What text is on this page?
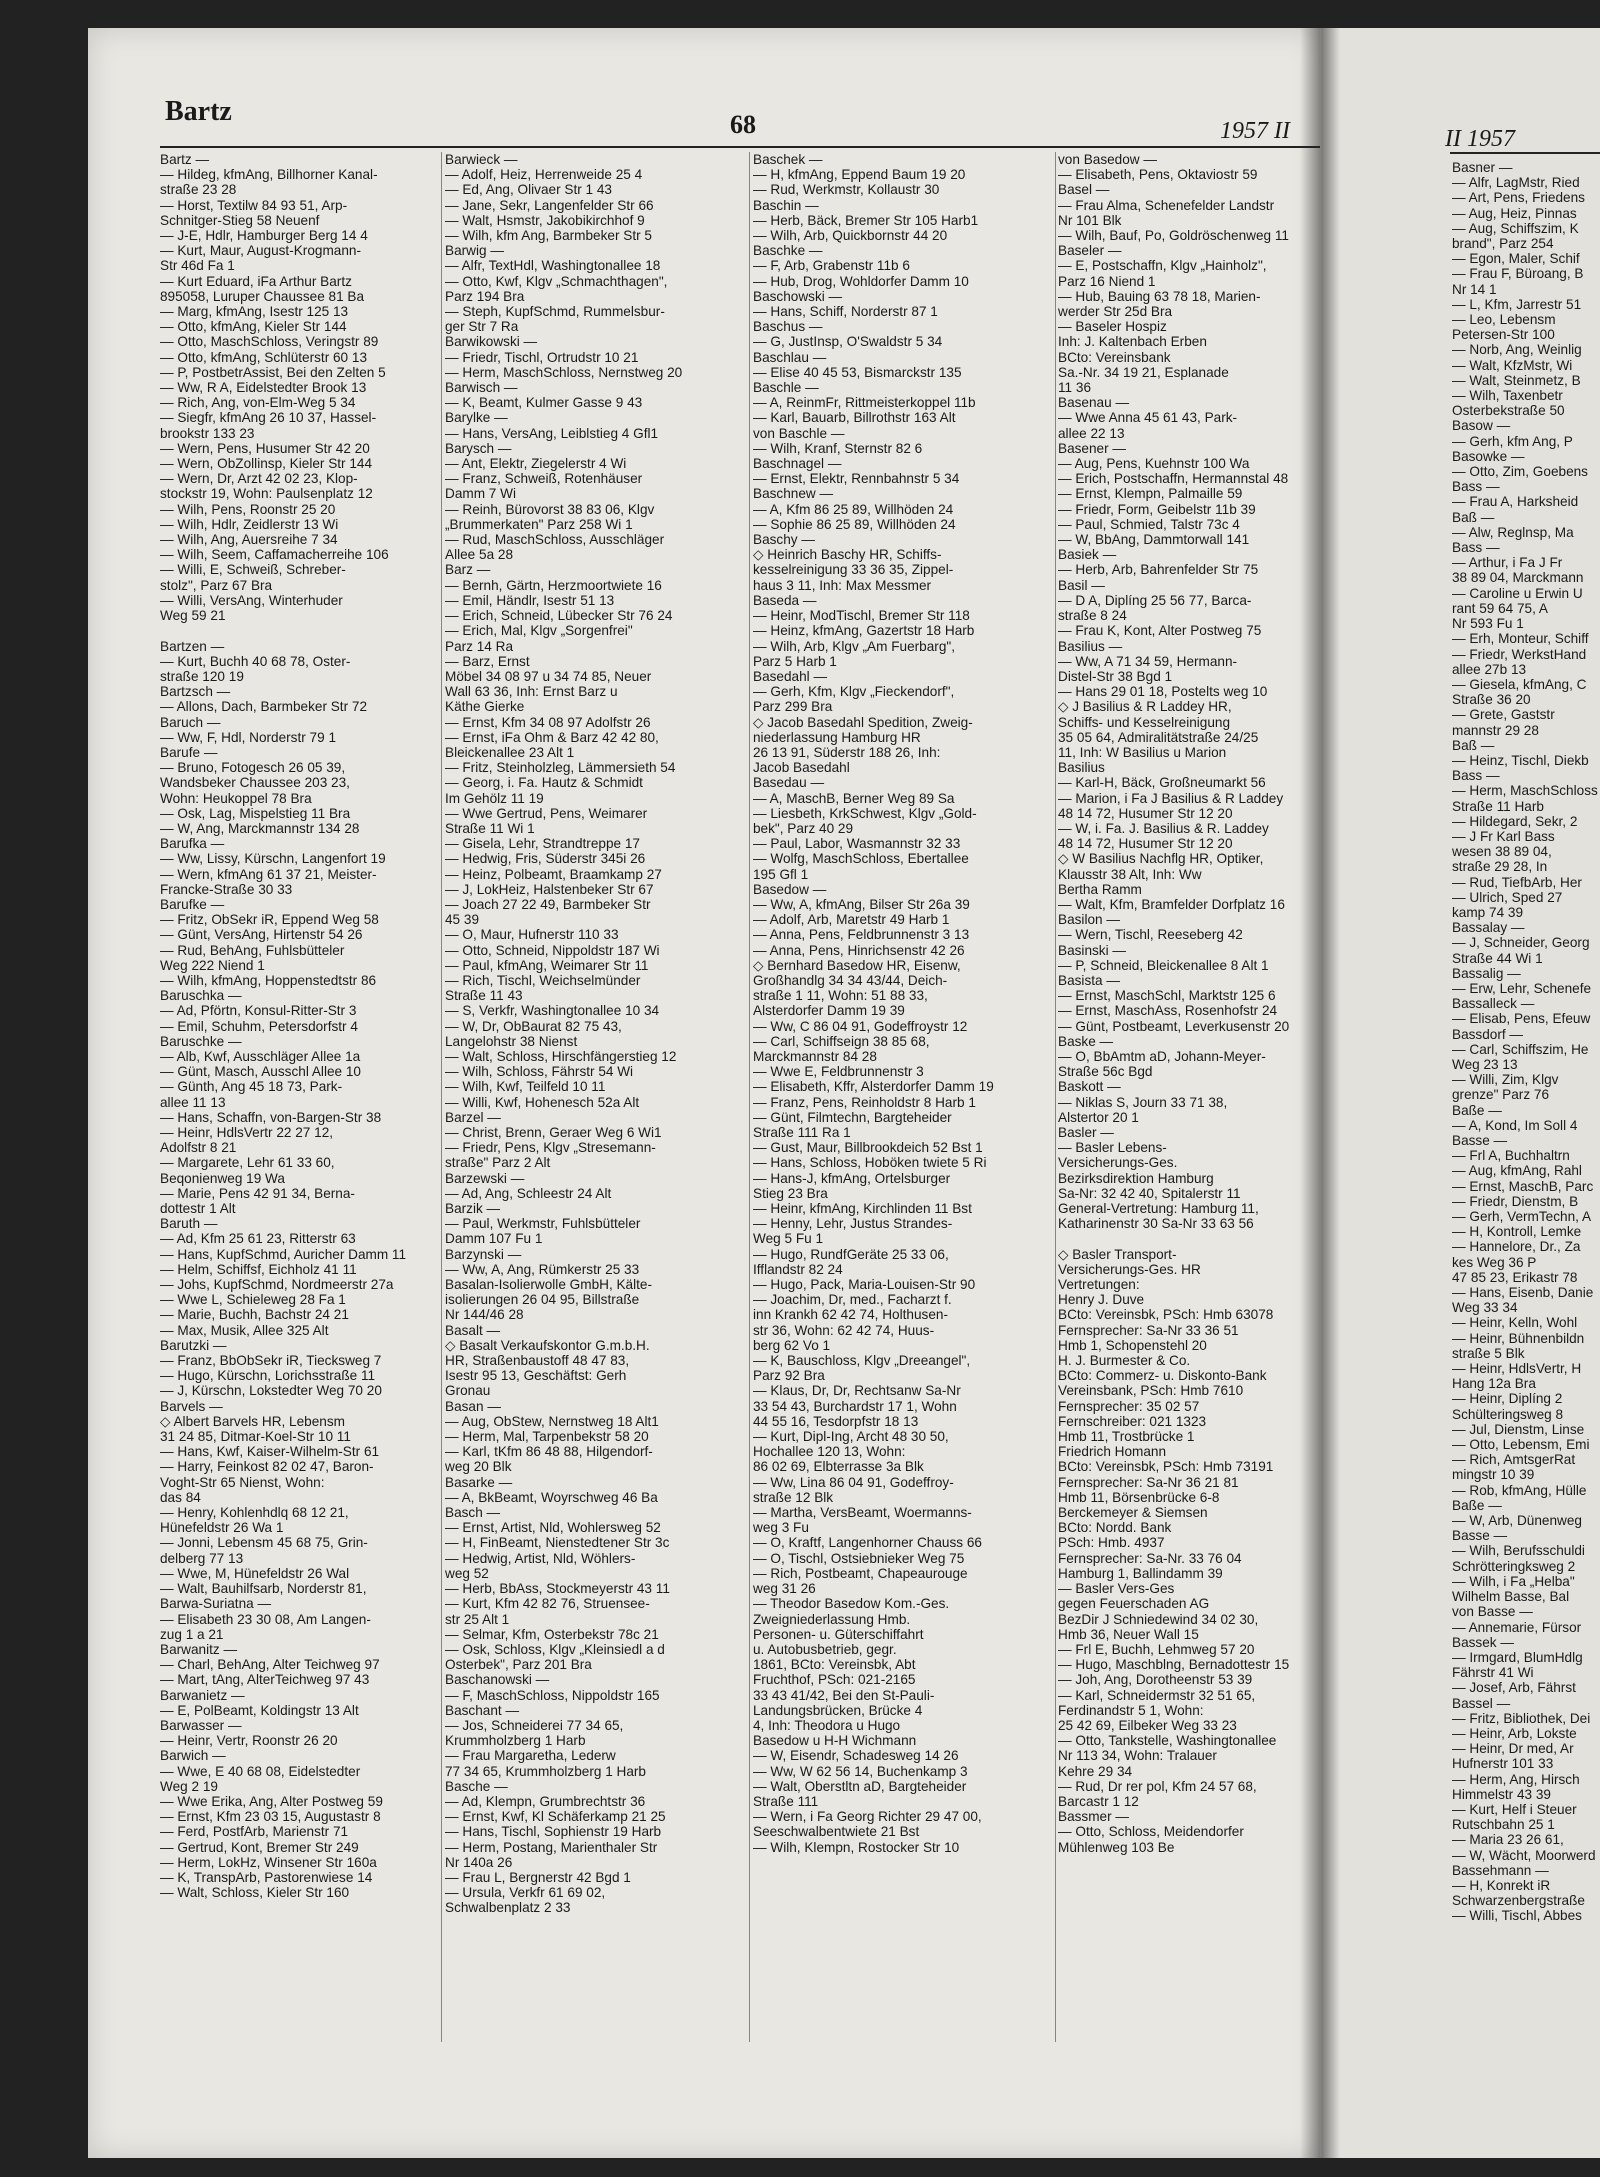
Bartz	68	1957 II	II 1957
Bartz —
— Hildeg, kfmAng, Billhorner Kanal-
straße 23 28
— Horst, Textilw 84 93 51, Arp-
Schnitger-Stieg 58 Neuenf
— J-E, Hdlr, Hamburger Berg 14 4
— Kurt, Maur, August-Krogmann-
Str 46d Fa 1
— Kurt Eduard, iFa Arthur Bartz
895058, Luruper Chaussee 81 Ba
— Marg, kfmAng, Isestr 125 13
— Otto, kfmAng, Kieler Str 144
— Otto, MaschSchloss, Veringstr 89
— Otto, kfmAng, Schlüterstr 60 13
— P, PostbetrAssist, Bei den Zelten 5
— Ww, R A, Eidelstedter Brook 13
— Rich, Ang, von-Elm-Weg 5 34
— Siegfr, kfmAng 26 10 37, Hassel-
brookstr 133 23
— Wern, Pens, Husumer Str 42 20
— Wern, ObZollinsp, Kieler Str 144
— Wern, Dr, Arzt 42 02 23, Klop-
stockstr 19, Wohn: Paulsenplatz 12
— Wilh, Pens, Roonstr 25 20
— Wilh, Hdlr, Zeidlerstr 13 Wi
— Wilh, Ang, Auersreihe 7 34
— Wilh, Seem, Caffamacherreihe 106
— Willi, E, Schweiß, Schreber-
stolz", Parz 67 Bra
— Willi, VersAng, Winterhuder
Weg 59 21

Bartzen —
— Kurt, Buchh 40 68 78, Oster-
straße 120 19
Bartzsch —
— Allons, Dach, Barmbeker Str 72
Baruch —
— Ww, F, Hdl, Norderstr 79 1
Barufe —
— Bruno, Fotogesch 26 05 39,
Wandsbeker Chaussee 203 23,
Wohn: Heukoppel 78 Bra
— Osk, Lag, Mispelstieg 11 Bra
— W, Ang, Marckmannstr 134 28
Barufka —
— Ww, Lissy, Kürschn, Langenfort 19
— Wern, kfmAng 61 37 21, Meister-
Francke-Straße 30 33
Barufke —
— Fritz, ObSekr iR, Eppend Weg 58
— Günt, VersAng, Hirtenstr 54 26
— Rud, BehAng, Fuhlsbütteler
Weg 222 Niend 1
— Wilh, kfmAng, Hoppenstedtstr 86
Baruschka —
— Ad, Pförtn, Konsul-Ritter-Str 3
— Emil, Schuhm, Petersdorfstr 4
Baruschke —
— Alb, Kwf, Ausschläger Allee 1a
— Günt, Masch, Ausschl Allee 10
— Günth, Ang 45 18 73, Park-
allee 11 13
— Hans, Schaffn, von-Bargen-Str 38
— Heinr, HdlsVertr 22 27 12,
Adolfstr 8 21
— Margarete, Lehr 61 33 60,
Beqonienweg 19 Wa
— Marie, Pens 42 91 34, Berna-
dottestr 1 Alt
Baruth —
— Ad, Kfm 25 61 23, Ritterstr 63
— Hans, KupfSchmd, Auricher Damm 11
— Helm, Schiffsf, Eichholz 41 11
— Johs, KupfSchmd, Nordmeerstr 27a
— Wwe L, Schieleweg 28 Fa 1
— Marie, Buchh, Bachstr 24 21
— Max, Musik, Allee 325 Alt
Barutzki —
— Franz, BbObSekr iR, Tiecksweg 7
— Hugo, Kürschn, Lorichsstraße 11
— J, Kürschn, Lokstedter Weg 70 20
Barvels —
◇ Albert Barvels HR, Lebensm
31 24 85, Ditmar-Koel-Str 10 11
— Hans, Kwf, Kaiser-Wilhelm-Str 61
— Harry, Feinkost 82 02 47, Baron-
Voght-Str 65 Nienst, Wohn:
das 84
— Henry, Kohlenhdlq 68 12 21,
Hünefeldstr 26 Wa 1
— Jonni, Lebensm 45 68 75, Grin-
delberg 77 13
— Wwe, M, Hünefeldstr 26 Wal
— Walt, Bauhilfsarb, Norderstr 81,
Barwa-Suriatna —
— Elisabeth 23 30 08, Am Langen-
zug 1 a 21
Barwanitz —
— Charl, BehAng, Alter Teichweg 97
— Mart, tAng, AlterTeichweg 97 43
Barwanietz —
— E, PolBeamt, Koldingstr 13 Alt
Barwasser —
— Heinr, Vertr, Roonstr 26 20
Barwich —
— Wwe, E 40 68 08, Eidelstedter
Weg 2 19
— Wwe Erika, Ang, Alter Postweg 59
— Ernst, Kfm 23 03 15, Augustastr 8
— Ferd, PostfArb, Marienstr 71
— Gertrud, Kont, Bremer Str 249
— Herm, LokHz, Winsener Str 160a
— K, TranspArb, Pastorenwiese 14
— Walt, Schloss, Kieler Str 160
Barwieck —
— Adolf, Heiz, Herrenweide 25 4
— Ed, Ang, Olivaer Str 1 43
— Jane, Sekr, Langenfelder Str 66
— Walt, Hsmstr, Jakobikirchhof 9
— Wilh, kfm Ang, Barmbeker Str 5
Barwig —
— Alfr, TextHdl, Washingtonallee 18
— Otto, Kwf, Klgv „Schmachthagen",
Parz 194 Bra
— Steph, KupfSchmd, Rummelsbur-
ger Str 7 Ra
Barwikowski —
— Friedr, Tischl, Ortrudstr 10 21
— Herm, MaschSchloss, Nernstweg 20
Barwisch —
— K, Beamt, Kulmer Gasse 9 43
Barylke —
— Hans, VersAng, Leiblstieg 4 Gfl1
Barysch —
— Ant, Elektr, Ziegelerstr 4 Wi
— Franz, Schweiß, Rotenhäuser
Damm 7 Wi
— Reinh, Bürovorst 38 83 06, Klgv
„Brummerkaten" Parz 258 Wi 1
— Rud, MaschSchloss, Ausschläger
Allee 5a 28
Barz —
— Bernh, Gärtn, Herzmoortwiete 16
— Emil, Händlr, Isestr 51 13
— Erich, Schneid, Lübecker Str 76 24
— Erich, Mal, Klgv „Sorgenfrei"
Parz 14 Ra
— Barz, Ernst
Möbel 34 08 97 u 34 74 85, Neuer
Wall 63 36, Inh: Ernst Barz u
Käthe Gierke
— Ernst, Kfm 34 08 97 Adolfstr 26
— Ernst, iFa Ohm & Barz 42 42 80,
Bleickenallee 23 Alt 1
— Fritz, Steinholzleg, Lämmersieth 54
— Georg, i. Fa. Hautz & Schmidt
Im Gehölz 11 19
— Wwe Gertrud, Pens, Weimarer
Straße 11 Wi 1
— Gisela, Lehr, Strandtreppe 17
— Hedwig, Fris, Süderstr 345i 26
— Heinz, Polbeamt, Braamkamp 27
— J, LokHeiz, Halstenbeker Str 67
— Joach 27 22 49, Barmbeker Str
45 39
— O, Maur, Hufnerstr 110 33
— Otto, Schneid, Nippoldstr 187 Wi
— Paul, kfmAng, Weimarer Str 11
— Rich, Tischl, Weichselmünder
Straße 11 43
— S, Verkfr, Washingtonallee 10 34
— W, Dr, ObBaurat 82 75 43,
Langelohstr 38 Nienst
— Walt, Schloss, Hirschfängerstieg 12
— Wilh, Schloss, Fährstr 54 Wi
— Wilh, Kwf, Teilfeld 10 11
— Willi, Kwf, Hohenesch 52a Alt
Barzel —
— Christ, Brenn, Geraer Weg 6 Wi1
— Friedr, Pens, Klgv „Stresemann-
straße" Parz 2 Alt
Barzewski —
— Ad, Ang, Schleestr 24 Alt
Barzik —
— Paul, Werkmstr, Fuhlsbütteler
Damm 107 Fu 1
Barzynski —
— Ww, A, Ang, Rümkerstr 25 33
Basalan-Isolierwolle GmbH, Kälte-
isolierungen 26 04 95, Billstraße
Nr 144/46 28
Basalt —
◇ Basalt Verkaufskontor G.m.b.H.
HR, Straßenbaustoff 48 47 83,
Isestr 95 13, Geschäftst: Gerh
Gronau
Basan —
— Aug, ObStew, Nernstweg 18 Alt1
— Herm, Mal, Tarpenbekstr 58 20
— Karl, tKfm 86 48 88, Hilgendorf-
weg 20 Blk
Basarke —
— A, BkBeamt, Woyrschweg 46 Ba
Basch —
— Ernst, Artist, Nld, Wohlersweg 52
— H, FinBeamt, Nienstedtener Str 3c
— Hedwig, Artist, Nld, Wöhlers-
weg 52
— Herb, BbAss, Stockmeyerstr 43 11
— Kurt, Kfm 42 82 76, Struensee-
str 25 Alt 1
— Selmar, Kfm, Osterbekstr 78c 21
— Osk, Schloss, Klgv „Kleinsiedl a d
Osterbek", Parz 201 Bra
Baschanowski —
— F, MaschSchloss, Nippoldstr 165
Baschant —
— Jos, Schneiderei 77 34 65,
Krummholzberg 1 Harb
— Frau Margaretha, Lederw
77 34 65, Krummholzberg 1 Harb
Basche —
— Ad, Klempn, Grumbrechtstr 36
— Ernst, Kwf, Kl Schäferkamp 21 25
— Hans, Tischl, Sophienstr 19 Harb
— Herm, Postang, Marienthaler Str
Nr 140a 26
— Frau L, Bergnerstr 42 Bgd 1
— Ursula, Verkfr 61 69 02,
Schwalbenplatz 2 33
Baschek —
— H, kfmAng, Eppend Baum 19 20
— Rud, Werkmstr, Kollaustr 30
Baschin —
— Herb, Bäck, Bremer Str 105 Harb1
— Wilh, Arb, Quickbornstr 44 20
Baschke —
— F, Arb, Grabenstr 11b 6
— Hub, Drog, Wohldorfer Damm 10
Baschowski —
— Hans, Schiff, Norderstr 87 1
Baschus —
— G, JustInsp, O'Swaldstr 5 34
Baschlau —
— Elise 40 45 53, Bismarckstr 135
Baschle —
— A, ReinmFr, Rittmeisterkoppel 11b
— Karl, Bauarb, Billrothstr 163 Alt
von Baschle —
— Wilh, Kranf, Sternstr 82 6
Baschnagel —
— Ernst, Elektr, Rennbahnstr 5 34
Baschnew —
— A, Kfm 86 25 89, Willhöden 24
— Sophie 86 25 89, Willhöden 24
Baschy —
◇ Heinrich Baschy HR, Schiffs-
kesselreinigung 33 36 35, Zippel-
haus 3 11, Inh: Max Messmer
Baseda —
— Heinr, ModTischl, Bremer Str 118
— Heinz, kfmAng, Gazertstr 18 Harb
— Wilh, Arb, Klgv „Am Fuerbarg",
Parz 5 Harb 1
Basedahl —
— Gerh, Kfm, Klgv „Fieckendorf",
Parz 299 Bra
◇ Jacob Basedahl Spedition, Zweig-
niederlassung Hamburg HR
26 13 91, Süderstr 188 26, Inh:
Jacob Basedahl
Basedau —
— A, MaschB, Berner Weg 89 Sa
— Liesbeth, KrkSchwest, Klgv „Gold-
bek", Parz 40 29
— Paul, Labor, Wasmannstr 32 33
— Wolfg, MaschSchloss, Ebertallee
195 Gfl 1
Basedow —
— Ww, A, kfmAng, Bilser Str 26a 39
— Adolf, Arb, Maretstr 49 Harb 1
— Anna, Pens, Feldbrunnenstr 3 13
— Anna, Pens, Hinrichsenstr 42 26
◇ Bernhard Basedow HR, Eisenw,
Großhandlg 34 34 43/44, Deich-
straße 1 11, Wohn: 51 88 33,
Alsterdorfer Damm 19 39
— Ww, C 86 04 91, Godeffroystr 12
— Carl, Schiffseign 38 85 68,
Marckmannstr 84 28
— Wwe E, Feldbrunnenstr 3
— Elisabeth, Kffr, Alsterdorfer Damm 19
— Franz, Pens, Reinholdstr 8 Harb 1
— Günt, Filmtechn, Bargteheider
Straße 111 Ra 1
— Gust, Maur, Billbrookdeich 52 Bst 1
— Hans, Schloss, Hoböken twiete 5 Ri
— Hans-J, kfmAng, Ortelsburger
Stieg 23 Bra
— Heinr, kfmAng, Kirchlinden 11 Bst
— Henny, Lehr, Justus Strandes-
Weg 5 Fu 1
— Hugo, RundfGeräte 25 33 06,
Ifflandstr 82 24
— Hugo, Pack, Maria-Louisen-Str 90
— Joachim, Dr, med., Facharzt f.
inn Krankh 62 42 74, Holthusen-
str 36, Wohn: 62 42 74, Huus-
berg 62 Vo 1
— K, Bauschloss, Klgv „Dreeangel",
Parz 92 Bra
— Klaus, Dr, Dr, Rechtsanw Sa-Nr
33 54 43, Burchardstr 17 1, Wohn
44 55 16, Tesdorpfstr 18 13
— Kurt, Dipl-Ing, Archt 48 30 50,
Hochallee 120 13, Wohn:
86 02 69, Elbterrasse 3a Blk
— Ww, Lina 86 04 91, Godeffroy-
straße 12 Blk
— Martha, VersBeamt, Woermanns-
weg 3 Fu
— O, Kraftf, Langenhorner Chauss 66
— O, Tischl, Ostsiebnieker Weg 75
— Rich, Postbeamt, Chapeaurouge
weg 31 26
— Theodor Basedow Kom.-Ges.
Zweigniederlassung Hmb.
Personen- u. Güterschiffahrt
u. Autobusbetrieb, gegr.
1861, BCto: Vereinsbk, Abt
Fruchthof, PSch: 021-2165
33 43 41/42, Bei den St-Pauli-
Landungsbrücken, Brücke 4
4, Inh: Theodora u Hugo
Basedow u H-H Wichmann
— W, Eisendr, Schadesweg 14 26
— Ww, W 62 56 14, Buchenkamp 3
— Walt, Oberstltn aD, Bargteheider
Straße 111
— Wern, i Fa Georg Richter 29 47 00,
Seeschwalbentwiete 21 Bst
— Wilh, Klempn, Rostocker Str 10
von Basedow —
— Elisabeth, Pens, Oktaviostr 59
Basel —
— Frau Alma, Schenefelder Landstr
Nr 101 Blk
— Wilh, Bauf, Po, Goldröschenweg 11
Baseler —
— E, Postschaffn, Klgv „Hainholz",
Parz 16 Niend 1
— Hub, Bauing 63 78 18, Marien-
werder Str 25d Bra
— Baseler Hospiz
Inh: J. Kaltenbach Erben
BCto: Vereinsbank
Sa.-Nr. 34 19 21, Esplanade
11 36
Basenau —
— Wwe Anna 45 61 43, Park-
allee 22 13
Basener —
— Aug, Pens, Kuehnstr 100 Wa
— Erich, Postschaffn, Hermannstal 48
— Ernst, Klempn, Palmaille 59
— Friedr, Form, Geibelstr 11b 39
— Paul, Schmied, Talstr 73c 4
— W, BbAng, Dammtorwall 141
Basiek —
— Herb, Arb, Bahrenfelder Str 75
Basil —
— D A, Diplíng 25 56 77, Barca-
straße 8 24
— Frau K, Kont, Alter Postweg 75
Basilius —
— Ww, A 71 34 59, Hermann-
Distel-Str 38 Bgd 1
— Hans 29 01 18, Postelts weg 10
◇ J Basilius & R Laddey HR,
Schiffs- und Kesselreinigung
35 05 64, Admiralitätstraße 24/25
11, Inh: W Basilius u Marion
Basilius
— Karl-H, Bäck, Großneumarkt 56
— Marion, i Fa J Basilius & R Laddey
48 14 72, Husumer Str 12 20
— W, i. Fa. J. Basilius & R. Laddey
48 14 72, Husumer Str 12 20
◇ W Basilius Nachflg HR, Optiker,
Klausstr 38 Alt, Inh: Ww
Bertha Ramm
— Walt, Kfm, Bramfelder Dorfplatz 16
Basilon —
— Wern, Tischl, Reeseberg 42
Basinski —
— P, Schneid, Bleickenallee 8 Alt 1
Basista —
— Ernst, MaschSchl, Marktstr 125 6
— Ernst, MaschAss, Rosenhofstr 24
— Günt, Postbeamt, Leverkusenstr 20
Baske —
— O, BbAmtm aD, Johann-Meyer-
Straße 56c Bgd
Baskott —
— Niklas S, Journ 33 71 38,
Alstertor 20 1
Basler —
— Basler Lebens-
Versicherungs-Ges.
Bezirksdirektion Hamburg
Sa-Nr: 32 42 40, Spitalerstr 11
General-Vertretung: Hamburg 11,
Katharinenstr 30 Sa-Nr 33 63 56

◇ Basler Transport-
Versicherungs-Ges. HR
Vertretungen:
Henry J. Duve
BCto: Vereinsbk, PSch: Hmb 63078
Fernsprecher: Sa-Nr 33 36 51
Hmb 1, Schopenstehl 20
H. J. Burmester & Co.
BCto: Commerz- u. Diskonto-Bank
Vereinsbank, PSch: Hmb 7610
Fernsprecher: 35 02 57
Fernschreiber: 021 1323
Hmb 11, Trostbrücke 1
Friedrich Homann
BCto: Vereinsbk, PSch: Hmb 73191
Fernsprecher: Sa-Nr 36 21 81
Hmb 11, Börsenbrücke 6-8
Berckemeyer & Siemsen
BCto: Nordd. Bank
PSch: Hmb. 4937
Fernsprecher: Sa-Nr. 33 76 04
Hamburg 1, Ballindamm 39
— Basler Vers-Ges
gegen Feuerschaden AG
BezDir J Schniedewind 34 02 30,
Hmb 36, Neuer Wall 15
— Frl E, Buchh, Lehmweg 57 20
— Hugo, Maschblng, Bernadottestr 15
— Joh, Ang, Dorotheenstr 53 39
— Karl, Schneidermstr 32 51 65,
Ferdinandstr 5 1, Wohn:
25 42 69, Eilbeker Weg 33 23
— Otto, Tankstelle, Washingtonallee
Nr 113 34, Wohn: Tralauer
Kehre 29 34
— Rud, Dr rer pol, Kfm 24 57 68,
Barcastr 1 12
Bassmer —
— Otto, Schloss, Meidendorfer
Mühlenweg 103 Be
Basner —
— Alfr, LagMstr, Ried
— Art, Pens, Friedens
— Aug, Heiz, Pinnas
— Aug, Schiffszim, K
brand", Parz 254
— Egon, Maler, Schif
— Frau F, Büroang, B
Nr 14 1
— L, Kfm, Jarrestr 51
— Leo, Lebensm
Petersen-Str 100
— Norb, Ang, Weinlig
— Walt, KfzMstr, Wi
— Walt, Steinmetz, B
— Wilh, Taxenbetr
Osterbekstraße 50
Basow —
— Gerh, kfm Ang, P
Basowke —
— Otto, Zim, Goebens
Bass —
— Frau A, Harksheid
Baß —
— Alw, Reglnsp, Ma
Bass —
— Arthur, i Fa J Fr
38 89 04, Marckmann
— Caroline u Erwin U
rant 59 64 75, A
Nr 593 Fu 1
— Erh, Monteur, Schiff
— Friedr, WerkstHand
allee 27b 13
— Giesela, kfmAng, C
Straße 36 20
— Grete, Gaststr
mannstr 29 28
Baß —
— Heinz, Tischl, Diekb
Bass —
— Herm, MaschSchloss
Straße 11 Harb
— Hildegard, Sekr, 2
— J Fr Karl Bass
wesen 38 89 04,
straße 29 28, In
— Rud, TiefbArb, Her
— Ulrich, Sped 27
kamp 74 39
Bassalay —
— J, Schneider, Georg
Straße 44 Wi 1
Bassalig —
— Erw, Lehr, Schenefe
Bassalleck —
— Elisab, Pens, Efeuw
Bassdorf —
— Carl, Schiffszim, He
Weg 23 13
— Willi, Zim, Klgv
grenze" Parz 76
Baße —
— A, Kond, Im Soll 4
Basse —
— Frl A, Buchhaltrn
— Aug, kfmAng, Rahl
— Ernst, MaschB, Parc
— Friedr, Dienstm, B
— Gerh, VermTechn, A
— H, Kontroll, Lemke
— Hannelore, Dr., Za
kes Weg 36 P
47 85 23, Erikastr 78
— Hans, Eisenb, Danie
Weg 33 34
— Heinr, Kelln, Wohl
— Heinr, Bühnenbildn
straße 5 Blk
— Heinr, HdlsVertr, H
Hang 12a Bra
— Heinr, Diplíng 2
Schülteringsweg 8
— Jul, Dienstm, Linse
— Otto, Lebensm, Emi
— Rich, AmtsgerRat
mingstr 10 39
— Rob, kfmAng, Hülle
Baße —
— W, Arb, Dünenweg
Basse —
— Wilh, Berufsschuldi
Schrötteringksweg 2
— Wilh, i Fa „Helba"
Wilhelm Basse, Bal
von Basse —
— Annemarie, Fürsor
Bassek —
— Irmgard, BlumHdlg
Fährstr 41 Wi
— Josef, Arb, Fährst
Bassel —
— Fritz, Bibliothek, Dei
— Heinr, Arb, Lokste
— Heinr, Dr med, Ar
Hufnerstr 101 33
— Herm, Ang, Hirsch
Himmelstr 43 39
— Kurt, Helf i Steuer
Rutschbahn 25 1
— Maria 23 26 61,
— W, Wächt, Moorwerd
Bassehmann —
— H, Konrekt iR
Schwarzenbergstraße
— Willi, Tischl, Abbes
